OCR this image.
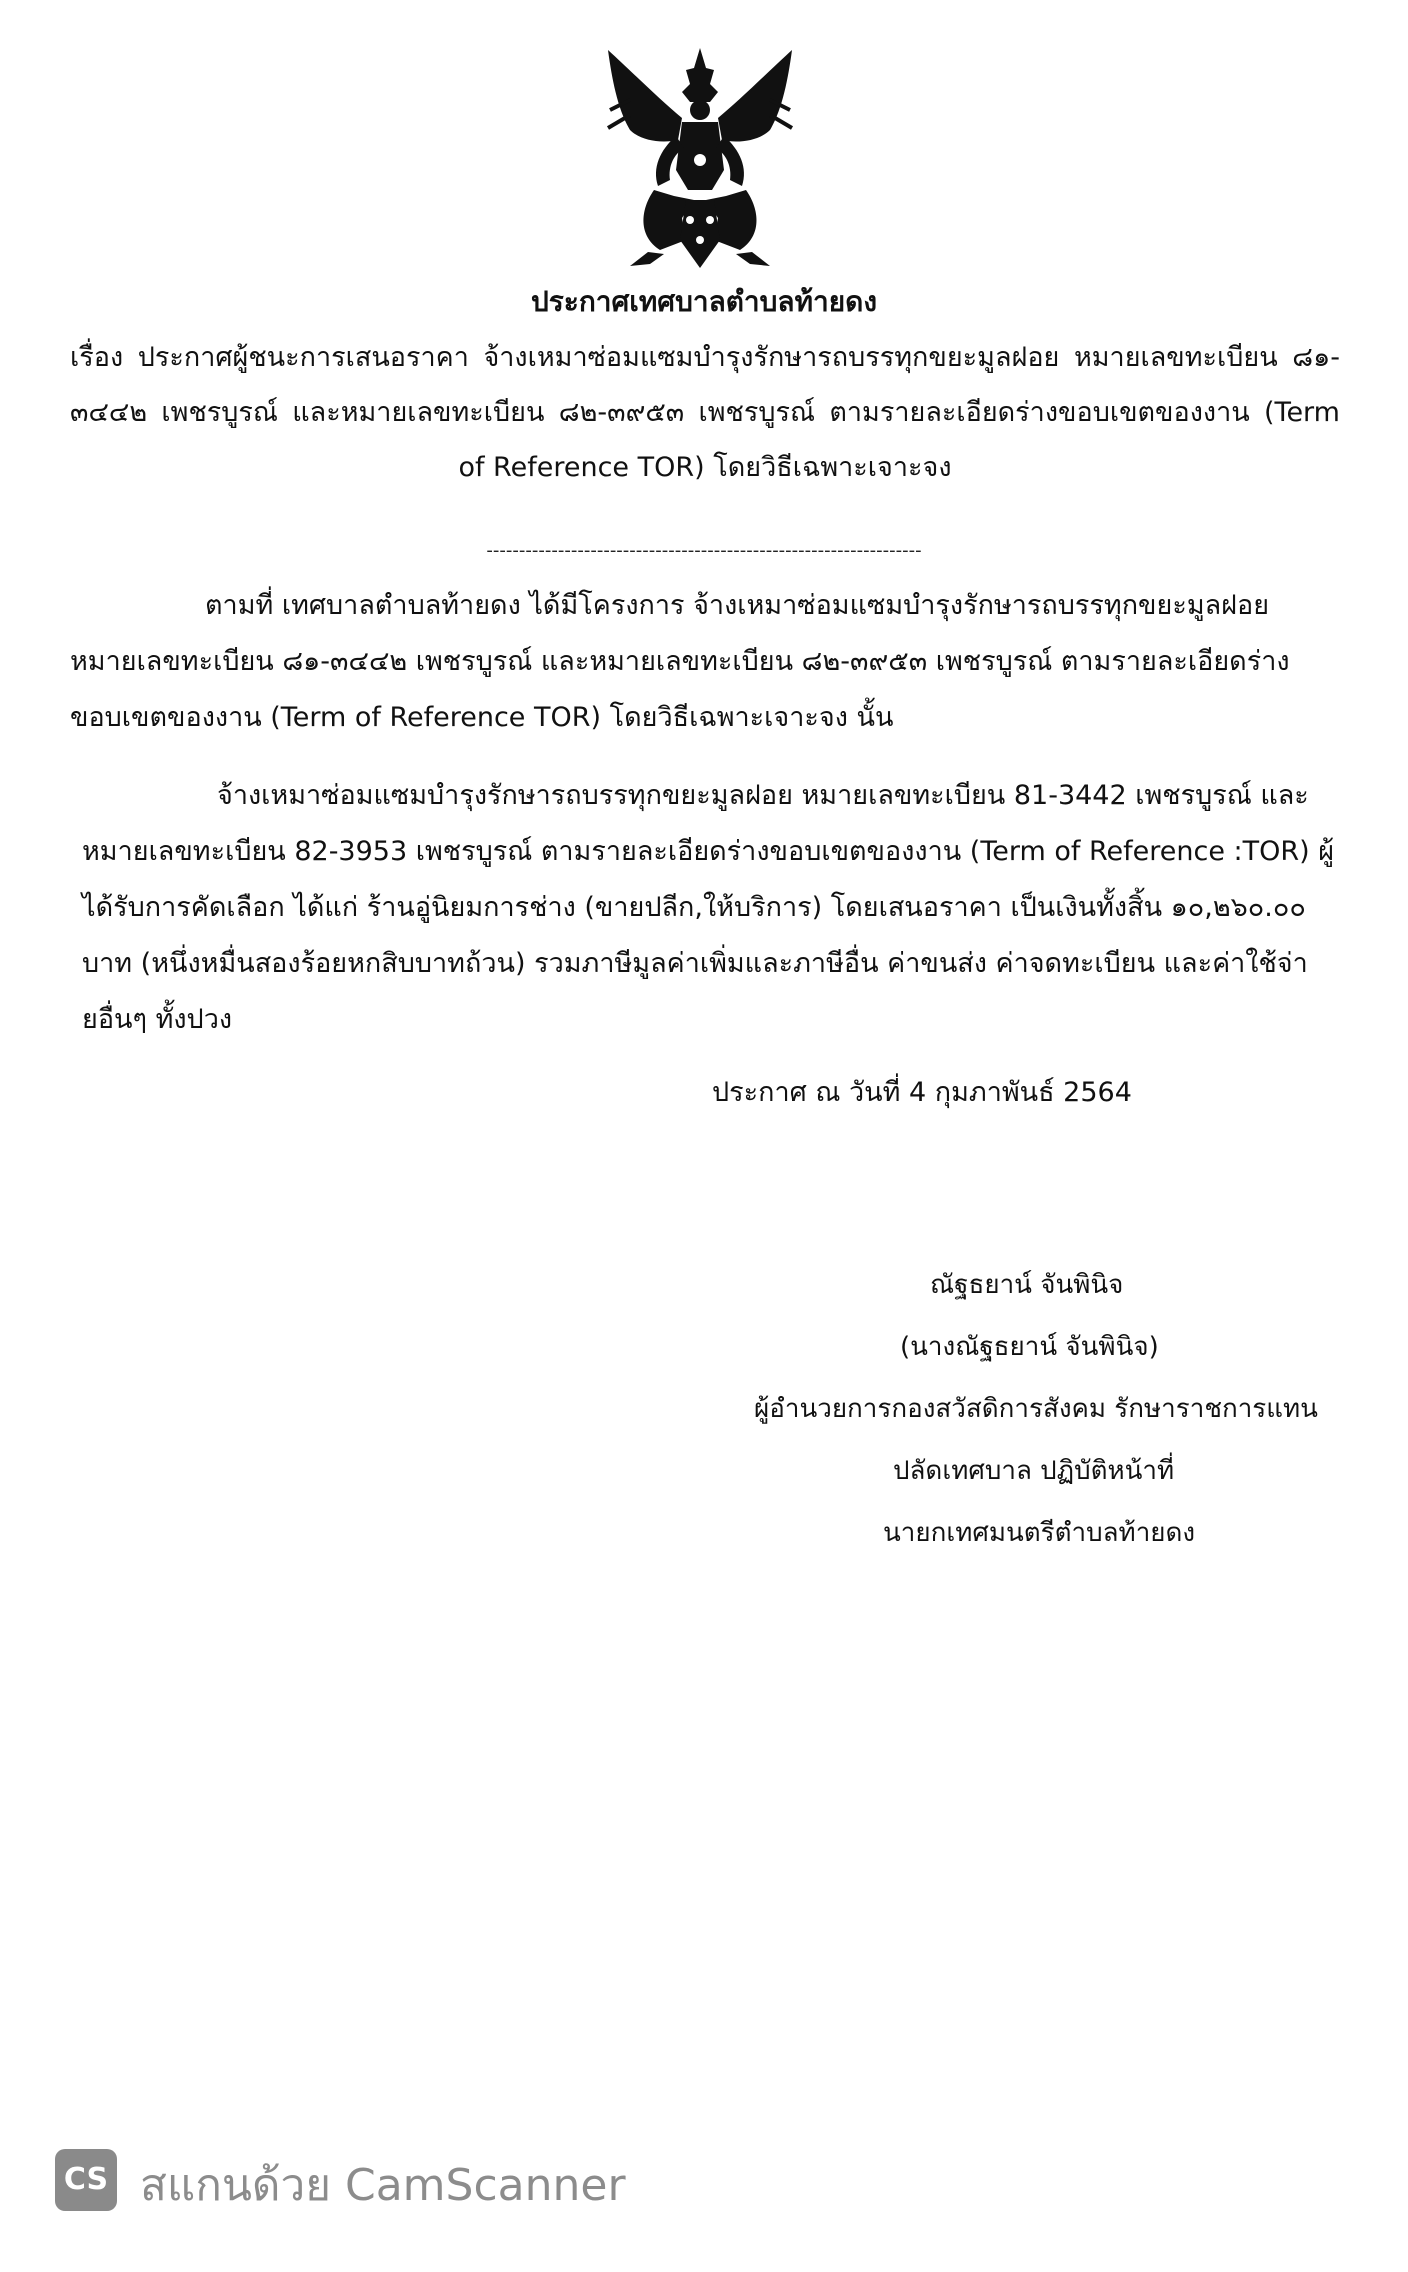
ประกาศเทศบาลตำบลท้ายดง
เรื่อง ประกาศผู้ชนะการเสนอราคา จ้างเหมาซ่อมแซมบำรุงรักษารถบรรทุกขยะมูลฝอย หมายเลขทะเบียน ๘๑-
๓๔๔๒ เพชรบูรณ์ และหมายเลขทะเบียน ๘๒-๓๙๕๓ เพชรบูรณ์ ตามรายละเอียดร่างขอบเขตของงาน (Term
of Reference TOR) โดยวิธีเฉพาะเจาะจง
-------------------------------------------------------------------
ตามที่ เทศบาลตำบลท้ายดง ได้มีโครงการ จ้างเหมาซ่อมแซมบำรุงรักษารถบรรทุกขยะมูลฝอย หมายเลขทะเบียน ๘๑-๓๔๔๒ เพชรบูรณ์ และหมายเลขทะเบียน ๘๒-๓๙๕๓ เพชรบูรณ์ ตามรายละเอียดร่างขอบเขตของงาน (Term of Reference TOR) โดยวิธีเฉพาะเจาะจง นั้น
จ้างเหมาซ่อมแซมบำรุงรักษารถบรรทุกขยะมูลฝอย หมายเลขทะเบียน 81-3442 เพชรบูรณ์ และหมายเลขทะเบียน 82-3953 เพชรบูรณ์ ตามรายละเอียดร่างขอบเขตของงาน (Term of Reference :TOR) ผู้ได้รับการคัดเลือก ได้แก่ ร้านอู่นิยมการช่าง (ขายปลีก,ให้บริการ) โดยเสนอราคา เป็นเงินทั้งสิ้น ๑๐,๒๖๐.๐๐ บาท (หนึ่งหมื่นสองร้อยหกสิบบาทถ้วน) รวมภาษีมูลค่าเพิ่มและภาษีอื่น ค่าขนส่ง ค่าจดทะเบียน และค่าใช้จ่ายอื่นๆ ทั้งปวง
ประกาศ ณ วันที่ 4 กุมภาพันธ์ 2564
ณัฐธยาน์ จันพินิจ
(นางณัฐธยาน์ จันพินิจ)
ผู้อำนวยการกองสวัสดิการสังคม รักษาราชการแทน
ปลัดเทศบาล ปฏิบัติหน้าที่
นายกเทศมนตรีตำบลท้ายดง
CS สแกนด้วย CamScanner
